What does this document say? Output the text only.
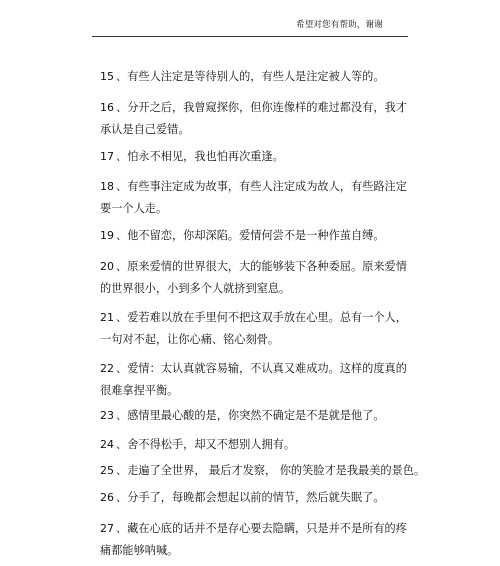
希望对您有帮助，谢谢
15 、有些人注定是等待别人的，有些人是注定被人等的。
16 、分开之后，我曾窥探你，但你连像样的难过都没有，我才
承认是自己爱错。
17 、怕永不相见，我也怕再次重逢。
18 、有些事注定成为故事，有些人注定成为故人，有些路注定
要一个人走。
19 、他不留恋，你却深陷。爱情何尝不是一种作茧自缚。
20 、原来爱情的世界很大，大的能够装下各种委屈。原来爱情
的世界很小，小到多个人就挤到窒息。
21 、爱若难以放在手里何不把这双手放在心里。总有一个人，
一句对不起，让你心痛、铭心刻骨。
22 、爱情：太认真就容易输，不认真又难成功。这样的度真的
很难拿捏平衡。
23 、感情里最心酸的是，你突然不确定是不是就是他了。
24 、舍不得松手，却又不想别人拥有。
25 、走遍了全世界， 最后才发察， 你的笑脸才是我最美的景色。
26 、分手了，每晚都会想起以前的情节，然后就失眠了。
27 、藏在心底的话并不是存心要去隐瞒，只是并不是所有的疼
痛都能够呐喊。
